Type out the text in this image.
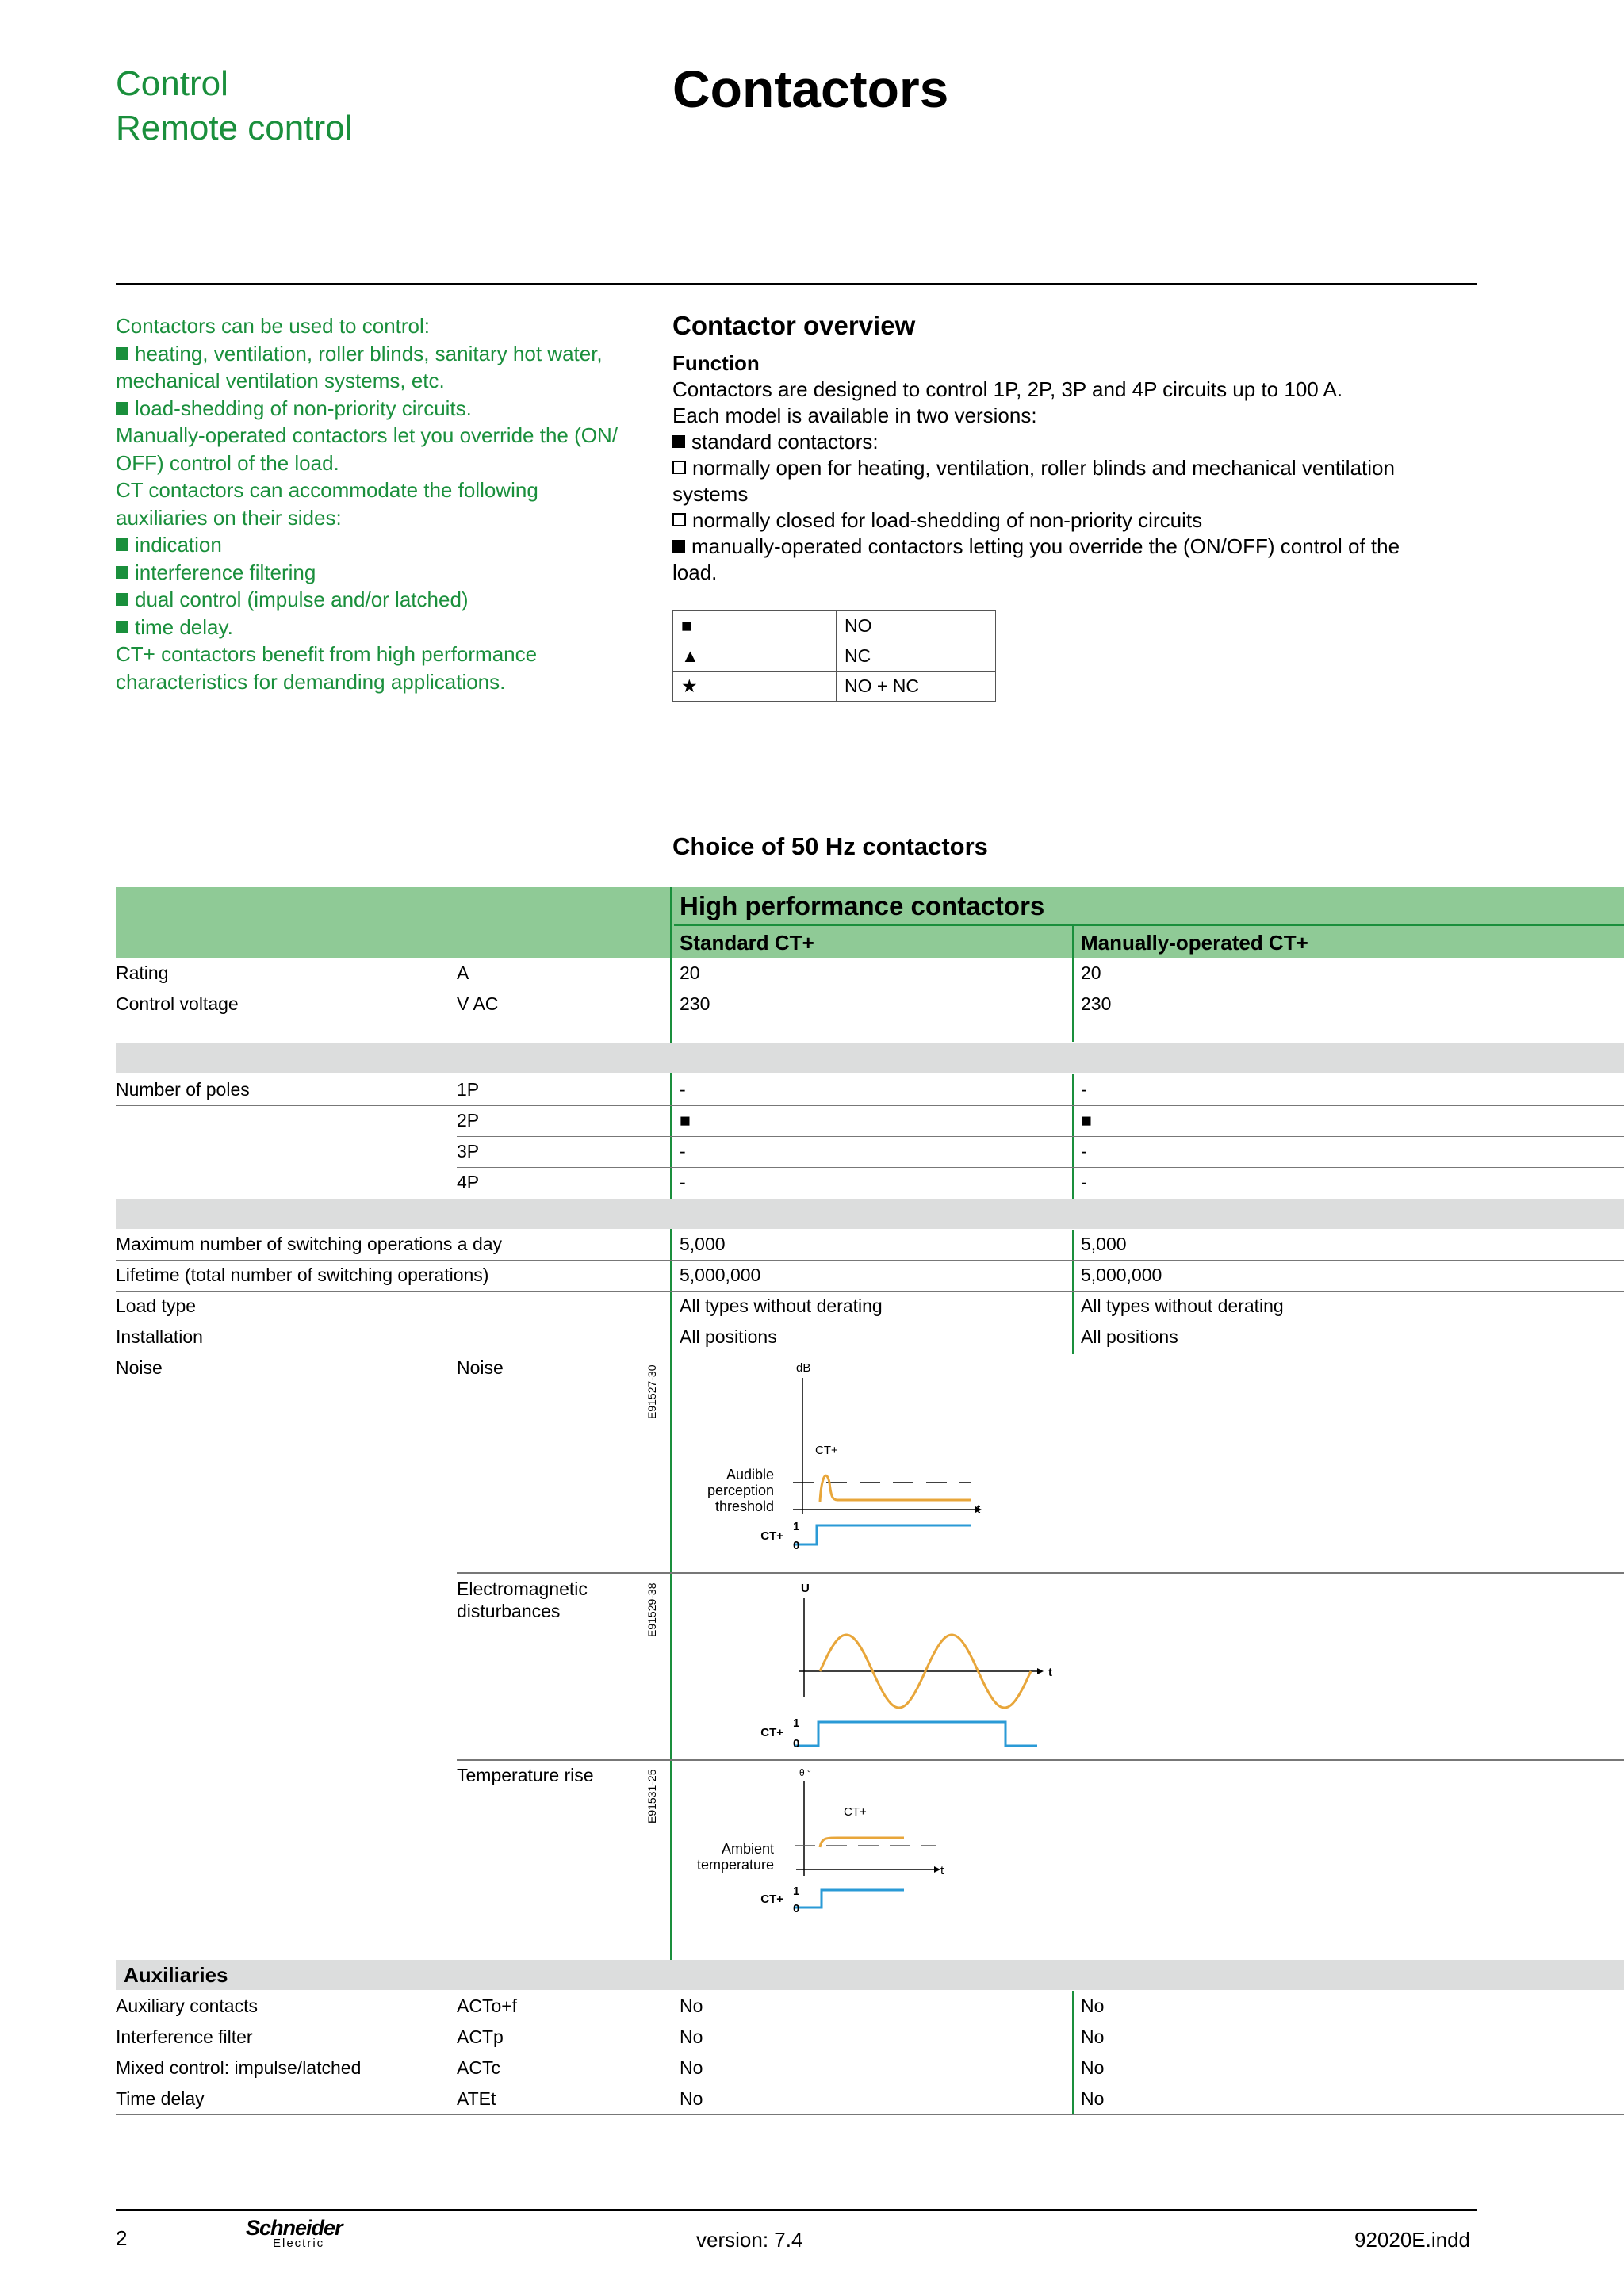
Control
Remote control
Contactors
Contactors can be used to control:
heating, ventilation, roller blinds, sanitary hot water,
mechanical ventilation systems, etc.
load-shedding of non-priority circuits.
Manually-operated contactors let you override the (ON/
OFF) control of the load.
CT contactors can accommodate the following
auxiliaries on their sides:
indication
interference filtering
dual control (impulse and/or latched)
time delay.
CT+ contactors benefit from high performance
characteristics for demanding applications.
Contactor overview
Function
Contactors are designed to control 1P, 2P, 3P and 4P circuits up to 100 A.
Each model is available in two versions:
standard contactors:
normally open for heating, ventilation, roller blinds and mechanical ventilation
systems
normally closed for load-shedding of non-priority circuits
manually-operated contactors letting you override the (ON/OFF) control of the
load.
■	NO
▲	NC
★	NO + NC
Choice of 50 Hz contactors
High performance contactors
Standard CT+	Manually-operated CT+
Rating	A	20	20
Control voltage	V AC	230	230
Number of poles	1P	-	-
2P	■	■
3P	-	-
4P	-	-
Maximum number of switching operations a day	5,000	5,000
Lifetime (total number of switching operations)	5,000,000	5,000,000
Load type	All types without derating	All types without derating
Installation	All positions	All positions
Noise	Noise
Electromagnetic
disturbances
Temperature rise
E91527-30
E91529-38
E91531-25
dB
t
CT+
Audible
perception
threshold
1
0
CT+
U
t
1
0
CT+
θ °
t
CT+
Ambient
temperature
1
0
CT+
Auxiliaries
Auxiliary contacts	ACTo+f	No	No
Interference filter	ACTp	No	No
Mixed control: impulse/latched	ACTc	No	No
Time delay	ATEt	No	No
2	Schneider
Electric	version: 7.4	92020E.indd
